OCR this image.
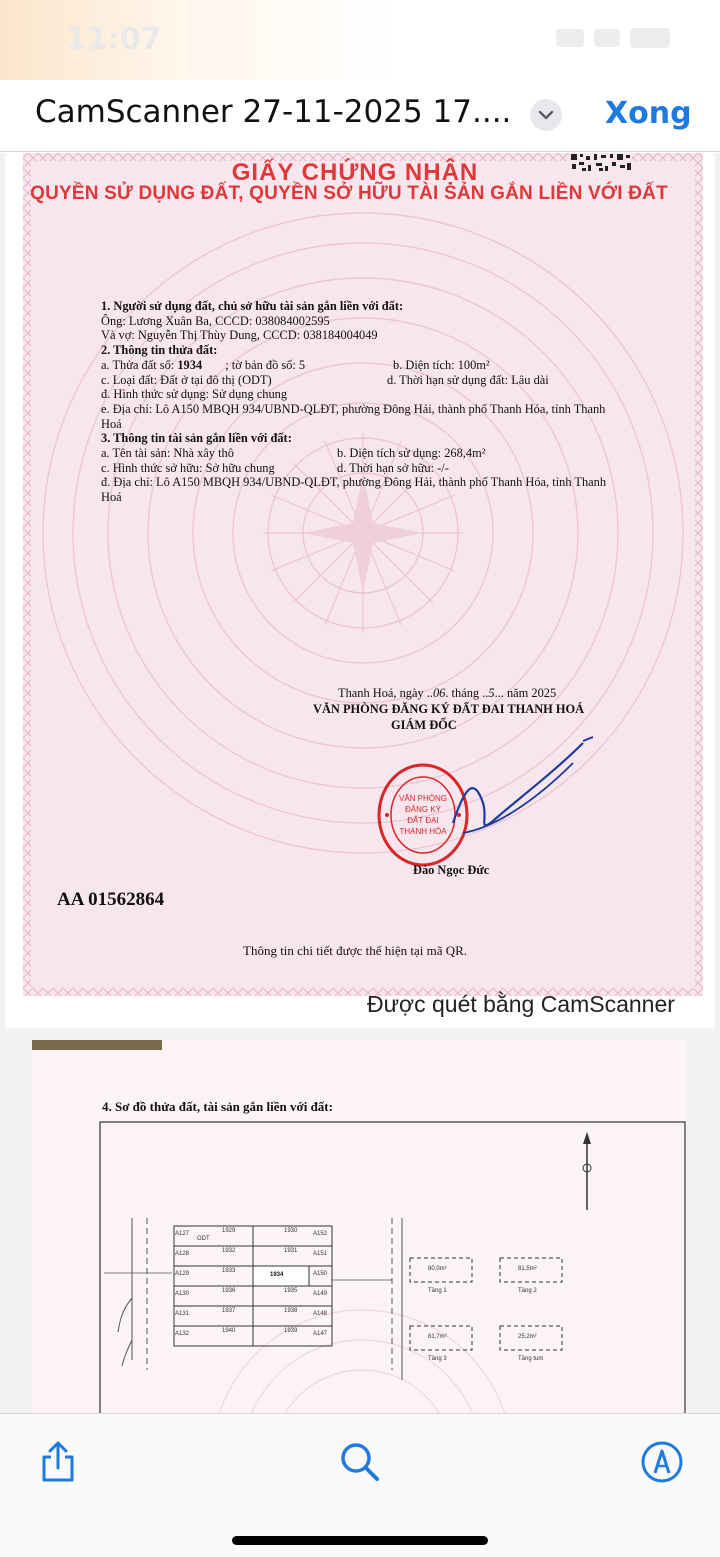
11:07
CamScanner 27-11-2025 17....	Xong
GIẤY CHỨNG NHẬN
QUYỀN SỬ DỤNG ĐẤT, QUYỀN SỞ HỮU TÀI SẢN GẮN LIỀN VỚI ĐẤT
1. Người sử dụng đất, chủ sở hữu tài sản gắn liền với đất:
Ông: Lương Xuân Ba, CCCD: 038084002595
Và vợ: Nguyễn Thị Thùy Dung, CCCD: 038184004049
2. Thông tin thửa đất:
a. Thửa đất số: 1934 ; tờ bản đồ số: 5	b. Diện tích: 100m²
c. Loại đất: Đất ở tại đô thị (ODT)	d. Thời hạn sử dụng đất: Lâu dài
đ. Hình thức sử dụng: Sử dụng chung
e. Địa chỉ: Lô A150 MBQH 934/UBND-QLĐT, phường Đông Hải, thành phố Thanh Hóa, tỉnh Thanh
Hoá
3. Thông tin tài sản gắn liền với đất:
a. Tên tài sản: Nhà xây thô	b. Diện tích sử dụng: 268,4m²
c. Hình thức sở hữu: Sở hữu chung	d. Thời hạn sở hữu: -/-
đ. Địa chỉ: Lô A150 MBQH 934/UBND-QLĐT, phường Đông Hải, thành phố Thanh Hóa, tỉnh Thanh
Hoá
Thanh Hoá, ngày ..06. tháng ..5... năm 2025
VĂN PHÒNG ĐĂNG KÝ ĐẤT ĐAI THANH HOÁ
GIÁM ĐỐC
VĂN PHÒNG
ĐĂNG KÝ
ĐẤT ĐAI
THANH HÓA
Đào Ngọc Đức
AA 01562864
Thông tin chi tiết được thể hiện tại mã QR.
Được quét bằng CamScanner
4. Sơ đồ thửa đất, tài sản gắn liền với đất:
A127
A128
A129
A130
A131
A132
A152
A151
A150
A149
A148
A147
1929	1930
1932	1931
1933
1934
1936	1935
1937	1938
1940	1939
ODT
80,0m²
Tầng 1
81,5m²
Tầng 2
81,7m²
Tầng 3
25,2m²
Tầng tum
